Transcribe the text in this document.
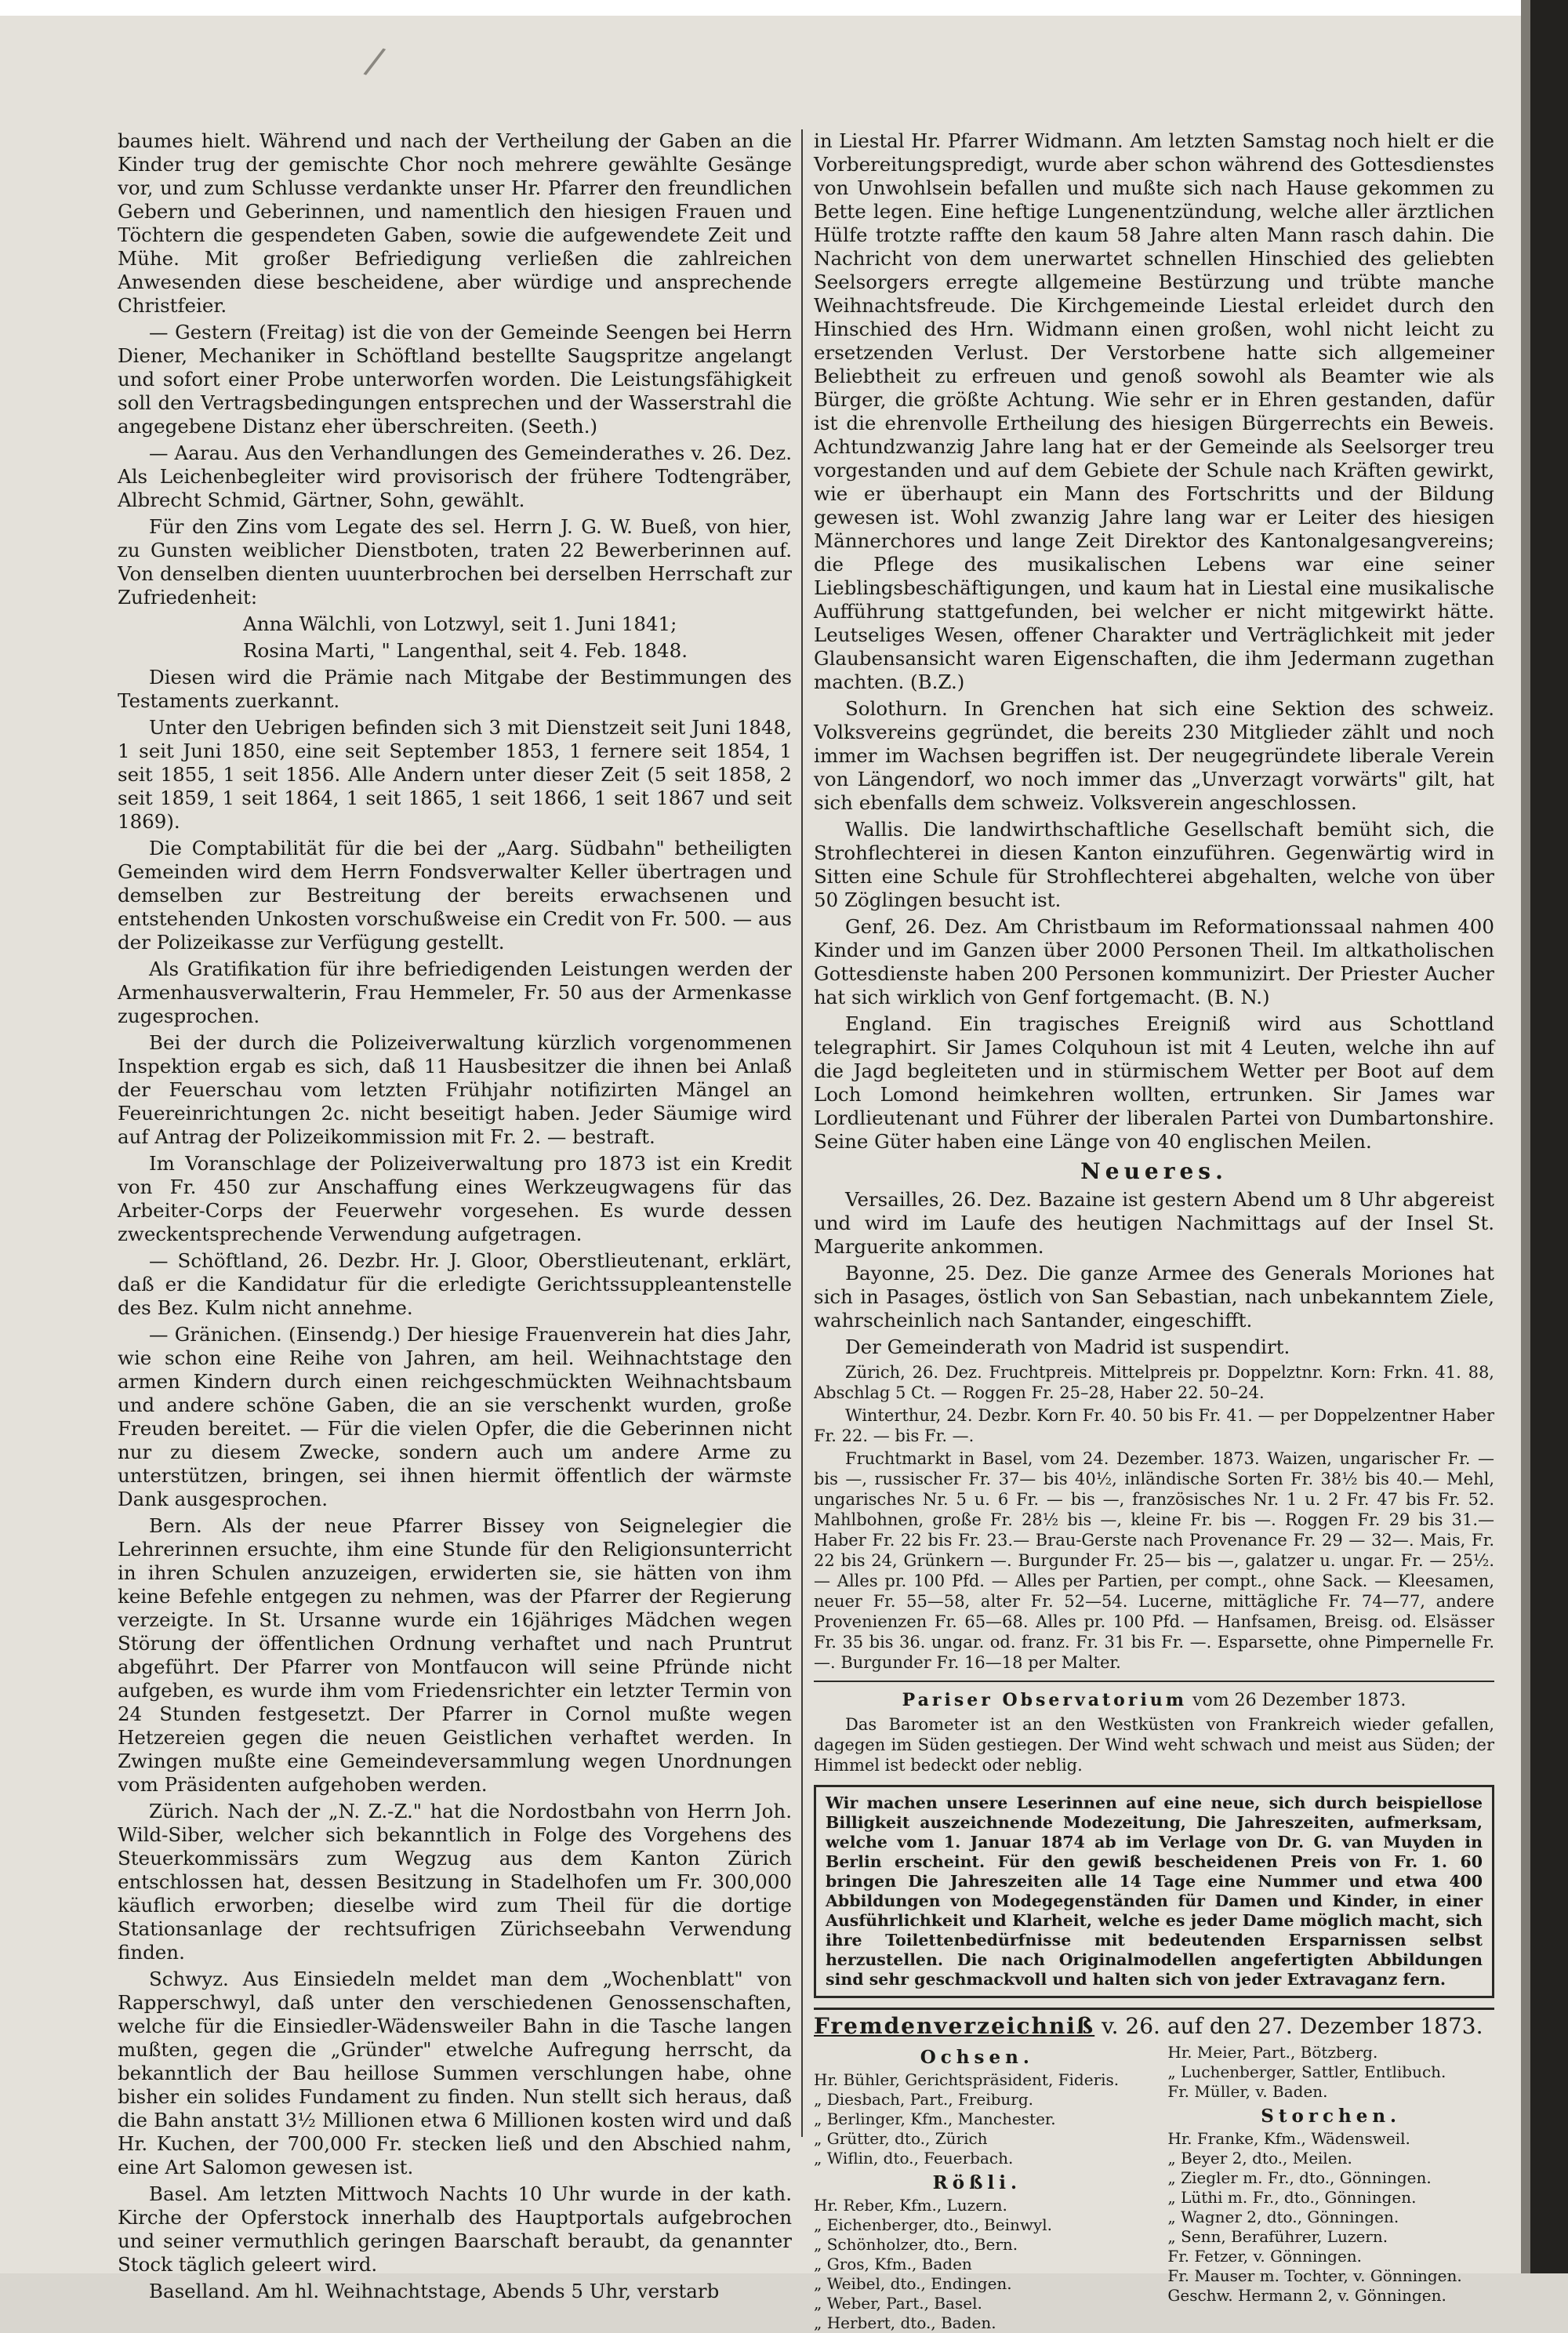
/

baumes hielt. Während und nach der Vertheilung der Gaben an die Kinder trug der gemischte Chor noch mehrere gewählte Gesänge vor, und zum Schlusse verdankte unser Hr. Pfarrer den freundlichen Gebern und Geberinnen, und namentlich den hiesigen Frauen und Töchtern die gespendeten Gaben, sowie die aufgewendete Zeit und Mühe. Mit großer Befriedigung verließen die zahlreichen Anwesenden diese bescheidene, aber würdige und ansprechende Christfeier.

— Gestern (Freitag) ist die von der Gemeinde Seengen bei Herrn Diener, Mechaniker in Schöftland bestellte Saugspritze angelangt und sofort einer Probe unterworfen worden. Die Leistungsfähigkeit soll den Vertragsbedingungen entsprechen und der Wasserstrahl die angegebene Distanz eher überschreiten. (Seeth.)

— Aarau. Aus den Verhandlungen des Gemeinderathes v. 26. Dez. Als Leichenbegleiter wird provisorisch der frühere Todtengräber, Albrecht Schmid, Gärtner, Sohn, gewählt.

Für den Zins vom Legate des sel. Herrn J. G. W. Bueß, von hier, zu Gunsten weiblicher Dienstboten, traten 22 Bewerberinnen auf. Von denselben dienten uuunterbrochen bei derselben Herrschaft zur Zufriedenheit:

Anna Wälchli, von Lotzwyl, seit 1. Juni 1841;

Rosina Marti, " Langenthal, seit 4. Feb. 1848.

Diesen wird die Prämie nach Mitgabe der Bestimmungen des Testaments zuerkannt.

Unter den Uebrigen befinden sich 3 mit Dienstzeit seit Juni 1848, 1 seit Juni 1850, eine seit September 1853, 1 fernere seit 1854, 1 seit 1855, 1 seit 1856. Alle Andern unter dieser Zeit (5 seit 1858, 2 seit 1859, 1 seit 1864, 1 seit 1865, 1 seit 1866, 1 seit 1867 und seit 1869).

Die Comptabilität für die bei der „Aarg. Südbahn" betheiligten Gemeinden wird dem Herrn Fondsverwalter Keller übertragen und demselben zur Bestreitung der bereits erwachsenen und entstehenden Unkosten vorschußweise ein Credit von Fr. 500. — aus der Polizeikasse zur Verfügung gestellt.

Als Gratifikation für ihre befriedigenden Leistungen werden der Armenhausverwalterin, Frau Hemmeler, Fr. 50 aus der Armenkasse zugesprochen.

Bei der durch die Polizeiverwaltung kürzlich vorgenommenen Inspektion ergab es sich, daß 11 Hausbesitzer die ihnen bei Anlaß der Feuerschau vom letzten Frühjahr notifizirten Mängel an Feuereinrichtungen 2c. nicht beseitigt haben. Jeder Säumige wird auf Antrag der Polizeikommission mit Fr. 2. — bestraft.

Im Voranschlage der Polizeiverwaltung pro 1873 ist ein Kredit von Fr. 450 zur Anschaffung eines Werkzeugwagens für das Arbeiter-Corps der Feuerwehr vorgesehen. Es wurde dessen zweckentsprechende Verwendung aufgetragen.

— Schöftland, 26. Dezbr. Hr. J. Gloor, Oberstlieutenant, erklärt, daß er die Kandidatur für die erledigte Gerichtssuppleantenstelle des Bez. Kulm nicht annehme.

— Gränichen. (Einsendg.) Der hiesige Frauenverein hat dies Jahr, wie schon eine Reihe von Jahren, am heil. Weihnachtstage den armen Kindern durch einen reichgeschmückten Weihnachtsbaum und andere schöne Gaben, die an sie verschenkt wurden, große Freuden bereitet. — Für die vielen Opfer, die die Geberinnen nicht nur zu diesem Zwecke, sondern auch um andere Arme zu unterstützen, bringen, sei ihnen hiermit öffentlich der wärmste Dank ausgesprochen.

Bern. Als der neue Pfarrer Bissey von Seignelegier die Lehrerinnen ersuchte, ihm eine Stunde für den Religionsunterricht in ihren Schulen anzuzeigen, erwiderten sie, sie hätten von ihm keine Befehle entgegen zu nehmen, was der Pfarrer der Regierung verzeigte. In St. Ursanne wurde ein 16jähriges Mädchen wegen Störung der öffentlichen Ordnung verhaftet und nach Pruntrut abgeführt. Der Pfarrer von Montfaucon will seine Pfründe nicht aufgeben, es wurde ihm vom Friedensrichter ein letzter Termin von 24 Stunden festgesetzt. Der Pfarrer in Cornol mußte wegen Hetzereien gegen die neuen Geistlichen verhaftet werden. In Zwingen mußte eine Gemeindeversammlung wegen Unordnungen vom Präsidenten aufgehoben werden.

Zürich. Nach der „N. Z.-Z." hat die Nordostbahn von Herrn Joh. Wild-Siber, welcher sich bekanntlich in Folge des Vorgehens des Steuerkommissärs zum Wegzug aus dem Kanton Zürich entschlossen hat, dessen Besitzung in Stadelhofen um Fr. 300,000 käuflich erworben; dieselbe wird zum Theil für die dortige Stationsanlage der rechtsufrigen Zürichseebahn Verwendung finden.

Schwyz. Aus Einsiedeln meldet man dem „Wochenblatt" von Rapperschwyl, daß unter den verschiedenen Genossenschaften, welche für die Einsiedler-Wädensweiler Bahn in die Tasche langen mußten, gegen die „Gründer" etwelche Aufregung herrscht, da bekanntlich der Bau heillose Summen verschlungen habe, ohne bisher ein solides Fundament zu finden. Nun stellt sich heraus, daß die Bahn anstatt 3½ Millionen etwa 6 Millionen kosten wird und daß Hr. Kuchen, der 700,000 Fr. stecken ließ und den Abschied nahm, eine Art Salomon gewesen ist.

Basel. Am letzten Mittwoch Nachts 10 Uhr wurde in der kath. Kirche der Opferstock innerhalb des Hauptportals aufgebrochen und seiner vermuthlich geringen Baarschaft beraubt, da genannter Stock täglich geleert wird.

Baselland. Am hl. Weihnachtstage, Abends 5 Uhr, verstarb

in Liestal Hr. Pfarrer Widmann. Am letzten Samstag noch hielt er die Vorbereitungspredigt, wurde aber schon während des Gottesdienstes von Unwohlsein befallen und mußte sich nach Hause gekommen zu Bette legen. Eine heftige Lungenentzündung, welche aller ärztlichen Hülfe trotzte raffte den kaum 58 Jahre alten Mann rasch dahin. Die Nachricht von dem unerwartet schnellen Hinschied des geliebten Seelsorgers erregte allgemeine Bestürzung und trübte manche Weihnachtsfreude. Die Kirchgemeinde Liestal erleidet durch den Hinschied des Hrn. Widmann einen großen, wohl nicht leicht zu ersetzenden Verlust. Der Verstorbene hatte sich allgemeiner Beliebtheit zu erfreuen und genoß sowohl als Beamter wie als Bürger, die größte Achtung. Wie sehr er in Ehren gestanden, dafür ist die ehrenvolle Ertheilung des hiesigen Bürgerrechts ein Beweis. Achtundzwanzig Jahre lang hat er der Gemeinde als Seelsorger treu vorgestanden und auf dem Gebiete der Schule nach Kräften gewirkt, wie er überhaupt ein Mann des Fortschritts und der Bildung gewesen ist. Wohl zwanzig Jahre lang war er Leiter des hiesigen Männerchores und lange Zeit Direktor des Kantonalgesangvereins; die Pflege des musikalischen Lebens war eine seiner Lieblingsbeschäftigungen, und kaum hat in Liestal eine musikalische Aufführung stattgefunden, bei welcher er nicht mitgewirkt hätte. Leutseliges Wesen, offener Charakter und Verträglichkeit mit jeder Glaubensansicht waren Eigenschaften, die ihm Jedermann zugethan machten. (B.Z.)

Solothurn. In Grenchen hat sich eine Sektion des schweiz. Volksvereins gegründet, die bereits 230 Mitglieder zählt und noch immer im Wachsen begriffen ist. Der neugegründete liberale Verein von Längendorf, wo noch immer das „Unverzagt vorwärts" gilt, hat sich ebenfalls dem schweiz. Volksverein angeschlossen.

Wallis. Die landwirthschaftliche Gesellschaft bemüht sich, die Strohflechterei in diesen Kanton einzuführen. Gegenwärtig wird in Sitten eine Schule für Strohflechterei abgehalten, welche von über 50 Zöglingen besucht ist.

Genf, 26. Dez. Am Christbaum im Reformationssaal nahmen 400 Kinder und im Ganzen über 2000 Personen Theil. Im altkatholischen Gottesdienste haben 200 Personen kommunizirt. Der Priester Aucher hat sich wirklich von Genf fortgemacht. (B. N.)

England. Ein tragisches Ereigniß wird aus Schottland telegraphirt. Sir James Colquhoun ist mit 4 Leuten, welche ihn auf die Jagd begleiteten und in stürmischem Wetter per Boot auf dem Loch Lomond heimkehren wollten, ertrunken. Sir James war Lordlieutenant und Führer der liberalen Partei von Dumbartonshire. Seine Güter haben eine Länge von 40 englischen Meilen.

Neueres.

Versailles, 26. Dez. Bazaine ist gestern Abend um 8 Uhr abgereist und wird im Laufe des heutigen Nachmittags auf der Insel St. Marguerite ankommen.

Bayonne, 25. Dez. Die ganze Armee des Generals Moriones hat sich in Pasages, östlich von San Sebastian, nach unbekanntem Ziele, wahrscheinlich nach Santander, eingeschifft.

Der Gemeinderath von Madrid ist suspendirt.

Zürich, 26. Dez. Fruchtpreis. Mittelpreis pr. Doppelztnr. Korn: Frkn. 41. 88, Abschlag 5 Ct. — Roggen Fr. 25–28, Haber 22. 50–24.

Winterthur, 24. Dezbr. Korn Fr. 40. 50 bis Fr. 41. — per Doppelzentner Haber Fr. 22. — bis Fr. —.

Fruchtmarkt in Basel, vom 24. Dezember. 1873. Waizen, ungarischer Fr. — bis —, russischer Fr. 37— bis 40½, inländische Sorten Fr. 38½ bis 40.— Mehl, ungarisches Nr. 5 u. 6 Fr. — bis —, französisches Nr. 1 u. 2 Fr. 47 bis Fr. 52. Mahlbohnen, große Fr. 28½ bis —, kleine Fr. bis —. Roggen Fr. 29 bis 31.— Haber Fr. 22 bis Fr. 23.— Brau-Gerste nach Provenance Fr. 29 — 32—. Mais, Fr. 22 bis 24, Grünkern —. Burgunder Fr. 25— bis —, galatzer u. ungar. Fr. — 25½.— Alles pr. 100 Pfd. — Alles per Partien, per compt., ohne Sack. — Kleesamen, neuer Fr. 55—58, alter Fr. 52—54. Lucerne, mittägliche Fr. 74—77, andere Provenienzen Fr. 65—68. Alles pr. 100 Pfd. — Hanfsamen, Breisg. od. Elsässer Fr. 35 bis 36. ungar. od. franz. Fr. 31 bis Fr. —. Esparsette, ohne Pimpernelle Fr. —. Burgunder Fr. 16—18 per Malter.

Pariser Observatorium vom 26 Dezember 1873.

Das Barometer ist an den Westküsten von Frankreich wieder gefallen, dagegen im Süden gestiegen. Der Wind weht schwach und meist aus Süden; der Himmel ist bedeckt oder neblig.

Wir machen unsere Leserinnen auf eine neue, sich durch beispiellose Billigkeit auszeichnende Modezeitung, Die Jahreszeiten, aufmerksam, welche vom 1. Januar 1874 ab im Verlage von Dr. G. van Muyden in Berlin erscheint. Für den gewiß bescheidenen Preis von Fr. 1. 60 bringen Die Jahreszeiten alle 14 Tage eine Nummer und etwa 400 Abbildungen von Modegegenständen für Damen und Kinder, in einer Ausführlichkeit und Klarheit, welche es jeder Dame möglich macht, sich ihre Toilettenbedürfnisse mit bedeutenden Ersparnissen selbst herzustellen. Die nach Originalmodellen angefertigten Abbildungen sind sehr geschmackvoll und halten sich von jeder Extravaganz fern.
Fremdenverzeichniß v. 26. auf den 27. Dezember 1873.
Ochsen.
Hr. Bühler, Gerichtspräsident, Fideris.
„ Diesbach, Part., Freiburg.
„ Berlinger, Kfm., Manchester.
„ Grütter, dto., Zürich
„ Wiflin, dto., Feuerbach.
Rößli.
Hr. Reber, Kfm., Luzern.
„ Eichenberger, dto., Beinwyl.
„ Schönholzer, dto., Bern.
„ Gros, Kfm., Baden
„ Weibel, dto., Endingen.
„ Weber, Part., Basel.
„ Herbert, dto., Baden.
Hr. Meier, Part., Bötzberg.
„ Luchenberger, Sattler, Entlibuch.
Fr. Müller, v. Baden.
Storchen.
Hr. Franke, Kfm., Wädensweil.
„ Beyer 2, dto., Meilen.
„ Ziegler m. Fr., dto., Gönningen.
„ Lüthi m. Fr., dto., Gönningen.
„ Wagner 2, dto., Gönningen.
„ Senn, Beraführer, Luzern.
Fr. Fetzer, v. Gönningen.
Fr. Mauser m. Tochter, v. Gönningen.
Geschw. Hermann 2, v. Gönningen.
